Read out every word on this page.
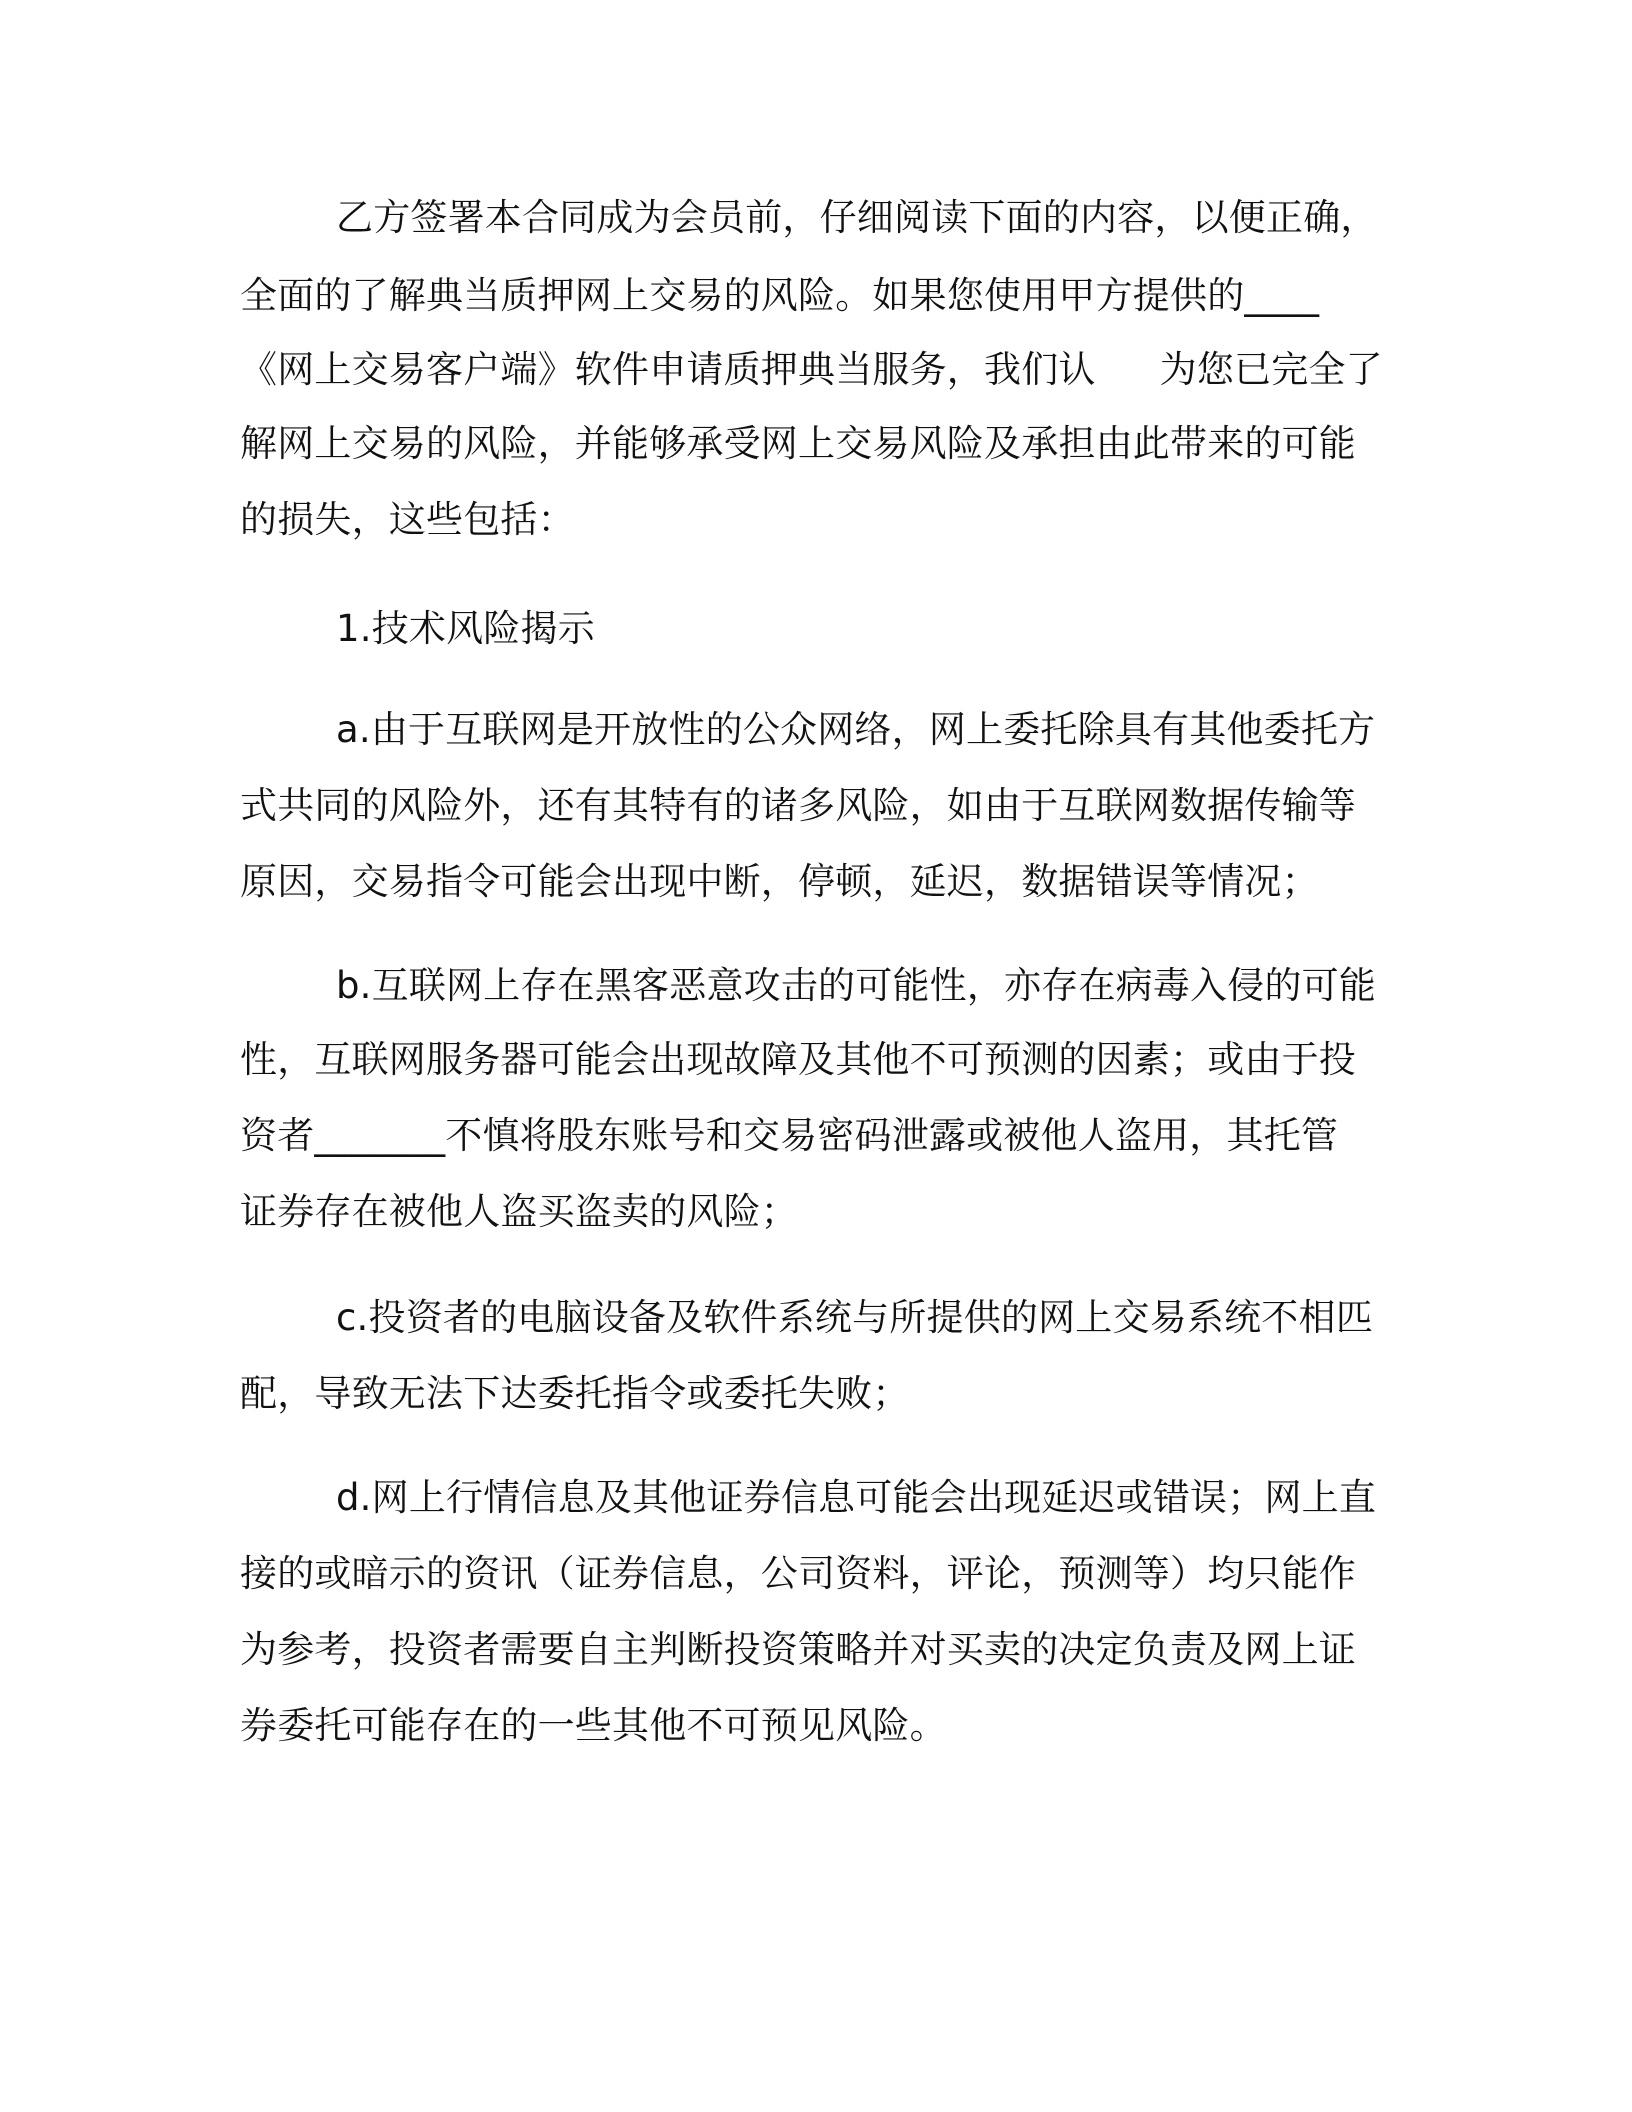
乙方签署本合同成为会员前，仔细阅读下面的内容，以便正确，
全面的了解典当质押网上交易的风险。如果您使用甲方提供的____
《网上交易客户端》软件申请质押典当服务，我们认 为您已完全了
解网上交易的风险，并能够承受网上交易风险及承担由此带来的可能
的损失，这些包括：
1.技术风险揭示
a.由于互联网是开放性的公众网络，网上委托除具有其他委托方
式共同的风险外，还有其特有的诸多风险，如由于互联网数据传输等
原因，交易指令可能会出现中断，停顿，延迟，数据错误等情况；
b.互联网上存在黑客恶意攻击的可能性，亦存在病毒入侵的可能
性，互联网服务器可能会出现故障及其他不可预测的因素；或由于投
资者_______不慎将股东账号和交易密码泄露或被他人盗用，其托管
证券存在被他人盗买盗卖的风险；
c.投资者的电脑设备及软件系统与所提供的网上交易系统不相匹
配，导致无法下达委托指令或委托失败；
d.网上行情信息及其他证券信息可能会出现延迟或错误；网上直
接的或暗示的资讯（证券信息，公司资料，评论，预测等）均只能作
为参考，投资者需要自主判断投资策略并对买卖的决定负责及网上证
券委托可能存在的一些其他不可预见风险。
